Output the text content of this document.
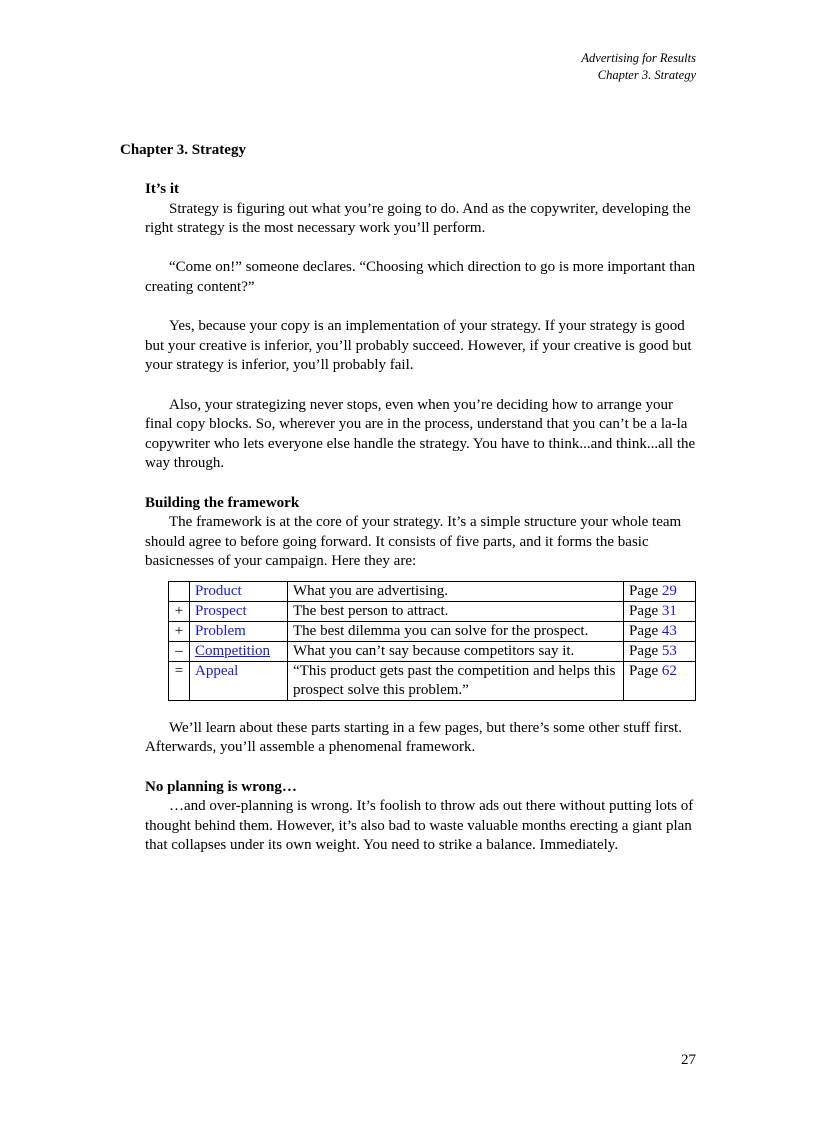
Advertising for Results
Chapter 3. Strategy
Chapter 3. Strategy
It’s it

Strategy is figuring out what you’re going to do. And as the copywriter, developing the right strategy is the most necessary work you’ll perform.

“Come on!” someone declares. “Choosing which direction to go is more important than creating content?”

Yes, because your copy is an implementation of your strategy. If your strategy is good but your creative is inferior, you’ll probably succeed. However, if your creative is good but your strategy is inferior, you’ll probably fail.

Also, your strategizing never stops, even when you’re deciding how to arrange your final copy blocks. So, wherever you are in the process, understand that you can’t be a la-la copywriter who lets everyone else handle the strategy. You have to think...and think...all the way through.

Building the framework

The framework is at the core of your strategy. It’s a simple structure your whole team should agree to before going forward. It consists of five parts, and it forms the basic basicnesses of your campaign. Here they are:

	Product	What you are advertising.	Page 29
+	Prospect	The best person to attract.	Page 31
+	Problem	The best dilemma you can solve for the prospect.	Page 43
–	Competition	What you can’t say because competitors say it.	Page 53
=	Appeal	“This product gets past the competition and helps this prospect solve this problem.”	Page 62

We’ll learn about these parts starting in a few pages, but there’s some other stuff first. Afterwards, you’ll assemble a phenomenal framework.

No planning is wrong…

…and over-planning is wrong. It’s foolish to throw ads out there without putting lots of thought behind them. However, it’s also bad to waste valuable months erecting a giant plan that collapses under its own weight. You need to strike a balance. Immediately.

27
